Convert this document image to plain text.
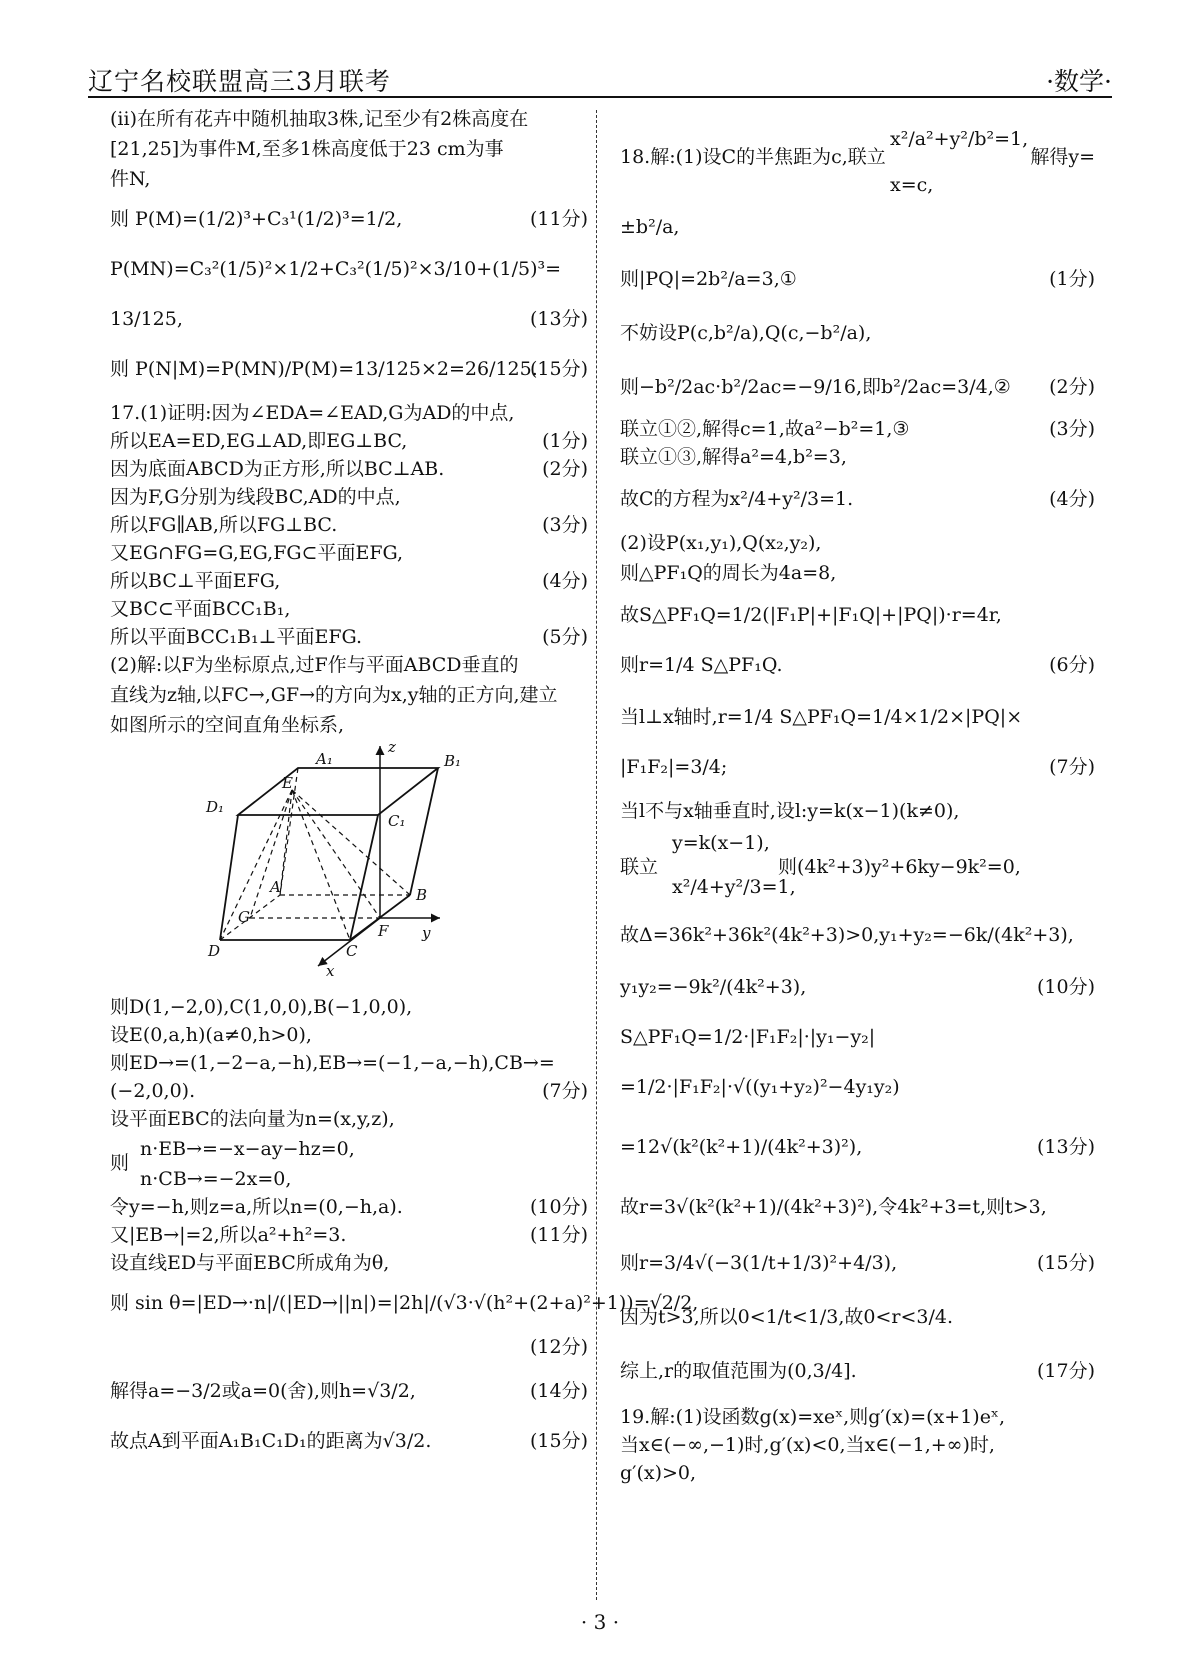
辽宁名校联盟高三3月联考	·数学·
(ii)在所有花卉中随机抽取3株,记至少有2株高度在
[21,25]为事件M,至多1株高度低于23 cm为事
件N,
则 P(M)=(1/2)³+C₃¹(1/2)³=1/2,	(11分)
P(MN)=C₃²(1/5)²×1/2+C₃²(1/5)²×3/10+(1/5)³=
13/125,	(13分)
则 P(N|M)=P(MN)/P(M)=13/125×2=26/125.
(15分)
17.(1)证明:因为∠EDA=∠EAD,G为AD的中点,
所以EA=ED,EG⊥AD,即EG⊥BC,	(1分)
因为底面ABCD为正方形,所以BC⊥AB.	(2分)
因为F,G分别为线段BC,AD的中点,
所以FG∥AB,所以FG⊥BC.	(3分)
又EG∩FG=G,EG,FG⊂平面EFG,
所以BC⊥平面EFG,	(4分)
又BC⊂平面BCC₁B₁,
所以平面BCC₁B₁⊥平面EFG.	(5分)
(2)解:以F为坐标原点,过F作与平面ABCD垂直的
直线为z轴,以FC→,GF→的方向为x,y轴的正方向,建立
如图所示的空间直角坐标系,
则D(1,−2,0),C(1,0,0),B(−1,0,0),
设E(0,a,h)(a≠0,h>0),
则ED→=(1,−2−a,−h),EB→=(−1,−a,−h),CB→=
(−2,0,0).	(7分)
设平面EBC的法向量为n=(x,y,z),
n·EB→=−x−ay−hz=0,
则
n·CB→=−2x=0,
令y=−h,则z=a,所以n=(0,−h,a).	(10分)
又|EB→|=2,所以a²+h²=3.	(11分)
设直线ED与平面EBC所成角为θ,
则 sin θ=|ED→·n|/(|ED→||n|)=|2h|/(√3·√(h²+(2+a)²+1))=√2/2,
(12分)
解得a=−3/2或a=0(舍),则h=√3/2,	(14分)
故点A到平面A₁B₁C₁D₁的距离为√3/2.	(15分)
x²/a²+y²/b²=1,
18.解:(1)设C的半焦距为c,联立	解得y=
x=c,
±b²/a,
则|PQ|=2b²/a=3,①	(1分)
不妨设P(c,b²/a),Q(c,−b²/a),
则−b²/2ac·b²/2ac=−9/16,即b²/2ac=3/4,② (2分)
联立①②,解得c=1,故a²−b²=1,③	(3分)
联立①③,解得a²=4,b²=3,
故C的方程为x²/4+y²/3=1.	(4分)
(2)设P(x₁,y₁),Q(x₂,y₂),
则△PF₁Q的周长为4a=8,
故S△PF₁Q=1/2(|F₁P|+|F₁Q|+|PQ|)·r=4r,
则r=1/4 S△PF₁Q.	(6分)
当l⊥x轴时,r=1/4 S△PF₁Q=1/4×1/2×|PQ|×
|F₁F₂|=3/4;	(7分)
当l不与x轴垂直时,设l:y=k(x−1)(k≠0),
y=k(x−1),
联立	则(4k²+3)y²+6ky−9k²=0,
x²/4+y²/3=1,
故Δ=36k²+36k²(4k²+3)>0,y₁+y₂=−6k/(4k²+3),
y₁y₂=−9k²/(4k²+3),	(10分)
S△PF₁Q=1/2·|F₁F₂|·|y₁−y₂|
=1/2·|F₁F₂|·√((y₁+y₂)²−4y₁y₂)
=12√(k²(k²+1)/(4k²+3)²),	(13分)
故r=3√(k²(k²+1)/(4k²+3)²),令4k²+3=t,则t>3,
则r=3/4√(−3(1/t+1/3)²+4/3),	(15分)
因为t>3,所以0<1/t<1/3,故0<r<3/4.
综上,r的取值范围为(0,3/4].	(17分)
19.解:(1)设函数g(x)=xeˣ,则g′(x)=(x+1)eˣ,
当x∈(−∞,−1)时,g′(x)<0,当x∈(−1,+∞)时,
g′(x)>0,
z
A₁	B₁
E
D₁
C₁
A	B
G
D	C
F y
x
· 3 ·
